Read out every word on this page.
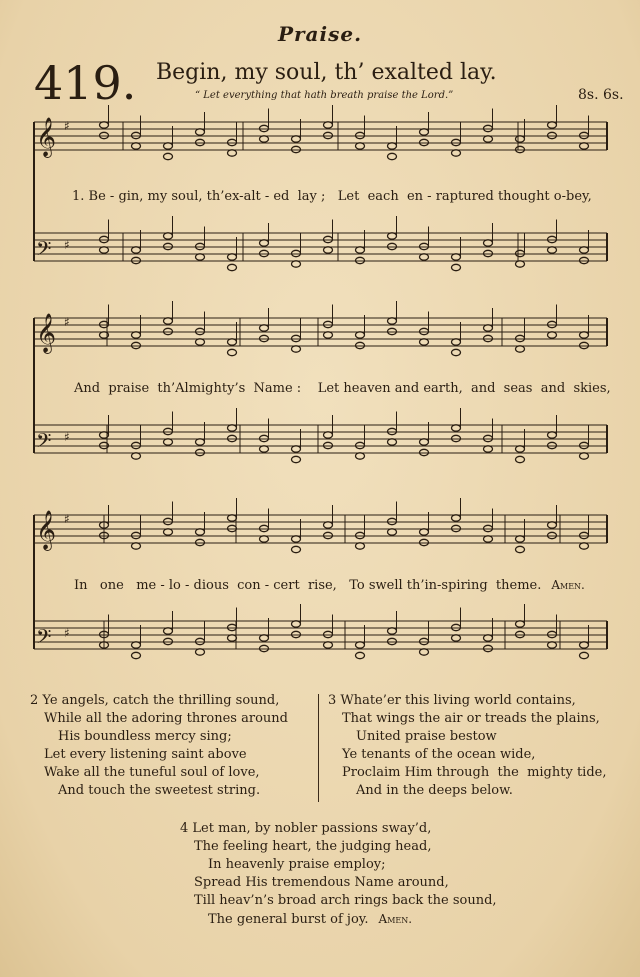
Praise.
419. Begin, my soul, th’ exalted lay.
“ Let everything that hath breath praise the Lord.”	8s. 6s.
𝄞 ♯
𝄢 ♯
𝄞 ♯
𝄢 ♯
𝄞 ♯
𝄢 ♯
1. Be - gin, my soul, th’ex-alt - ed  lay ;   Let  each  en - raptured thought o-bey,
And  praise  th’Almighty’s  Name :    Let heaven and earth,  and  seas  and  skies,
In   one   me - lo - dious  con - cert  rise,   To swell th’in-spiring  theme. Amen.
2 Ye angels, catch the thrilling sound,
While all the adoring thrones around
His boundless mercy sing;
Let every listening saint above
Wake all the tuneful soul of love,
And touch the sweetest string.
3 Whate’er this living world contains,
That wings the air or treads the plains,
United praise bestow
Ye tenants of the ocean wide,
Proclaim Him through  the  mighty tide,
And in the deeps below.
4 Let man, by nobler passions sway’d,
The feeling heart, the judging head,
In heavenly praise employ;
Spread His tremendous Name around,
Till heav’n’s broad arch rings back the sound,
The general burst of joy. Amen.
